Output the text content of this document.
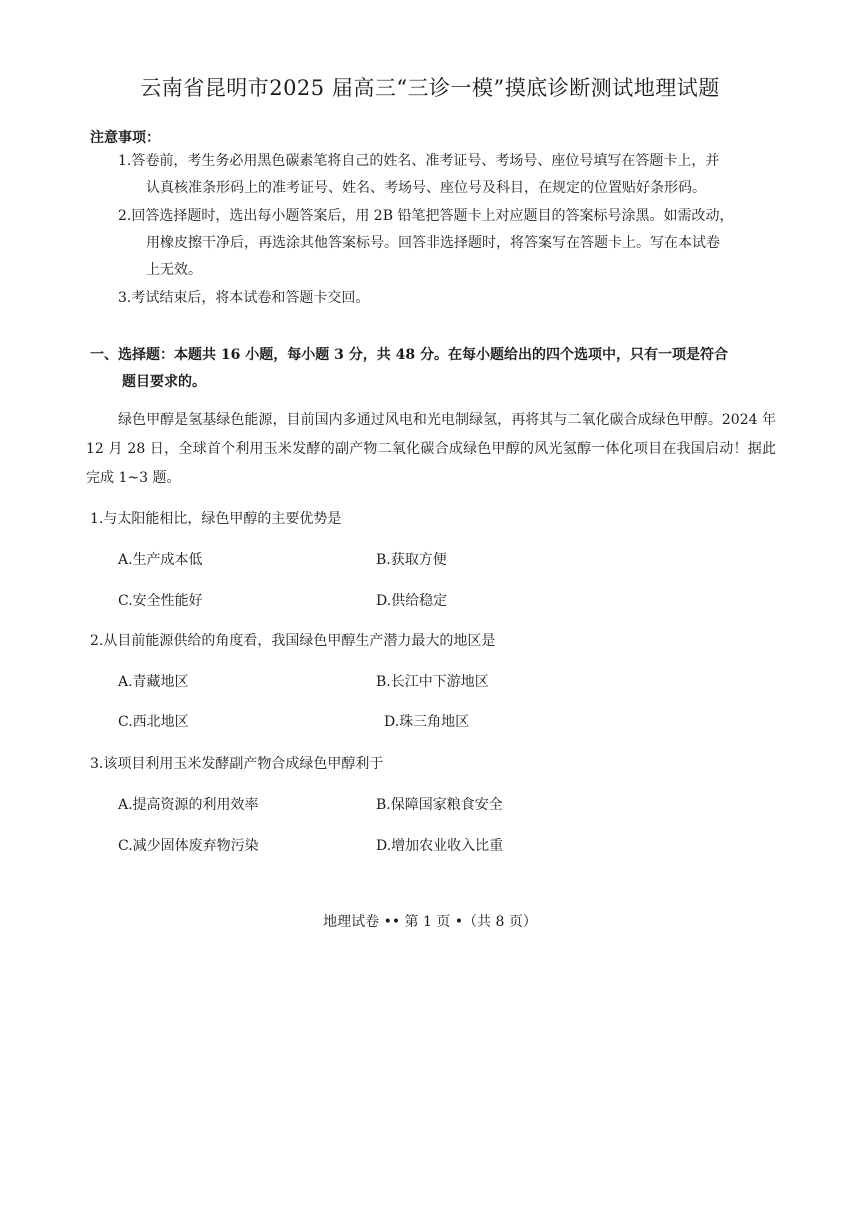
云南省昆明市2025 届高三“三诊一模”摸底诊断测试地理试题
注意事项：
1.答卷前，考生务必用黑色碳素笔将自己的姓名、准考证号、考场号、座位号填写在答题卡上，并
认真核准条形码上的准考证号、姓名、考场号、座位号及科目，在规定的位置贴好条形码。
2.回答选择题时，选出每小题答案后，用 2B 铅笔把答题卡上对应题目的答案标号涂黑。如需改动，
用橡皮擦干净后，再选涂其他答案标号。回答非选择题时，将答案写在答题卡上。写在本试卷
上无效。
3.考试结束后，将本试卷和答题卡交回。
一、选择题：本题共 16 小题，每小题 3 分，共 48 分。在每小题给出的四个选项中，只有一项是符合
题目要求的。
绿色甲醇是氢基绿色能源，目前国内多通过风电和光电制绿氢，再将其与二氧化碳合成绿色甲醇。2024 年 12 月 28 日，全球首个利用玉米发酵的副产物二氧化碳合成绿色甲醇的风光氢醇一体化项目在我国启动！据此完成 1~3 题。
1.与太阳能相比，绿色甲醇的主要优势是
A.生产成本低	B.获取方便
C.安全性能好	D.供给稳定
2.从目前能源供给的角度看，我国绿色甲醇生产潜力最大的地区是
A.青藏地区	B.长江中下游地区
C.西北地区	D.珠三角地区
3.该项目利用玉米发酵副产物合成绿色甲醇利于
A.提高资源的利用效率	B.保障国家粮食安全
C.减少固体废弃物污染	D.增加农业收入比重
地理试卷 •• 第 1 页 •（共 8 页）
